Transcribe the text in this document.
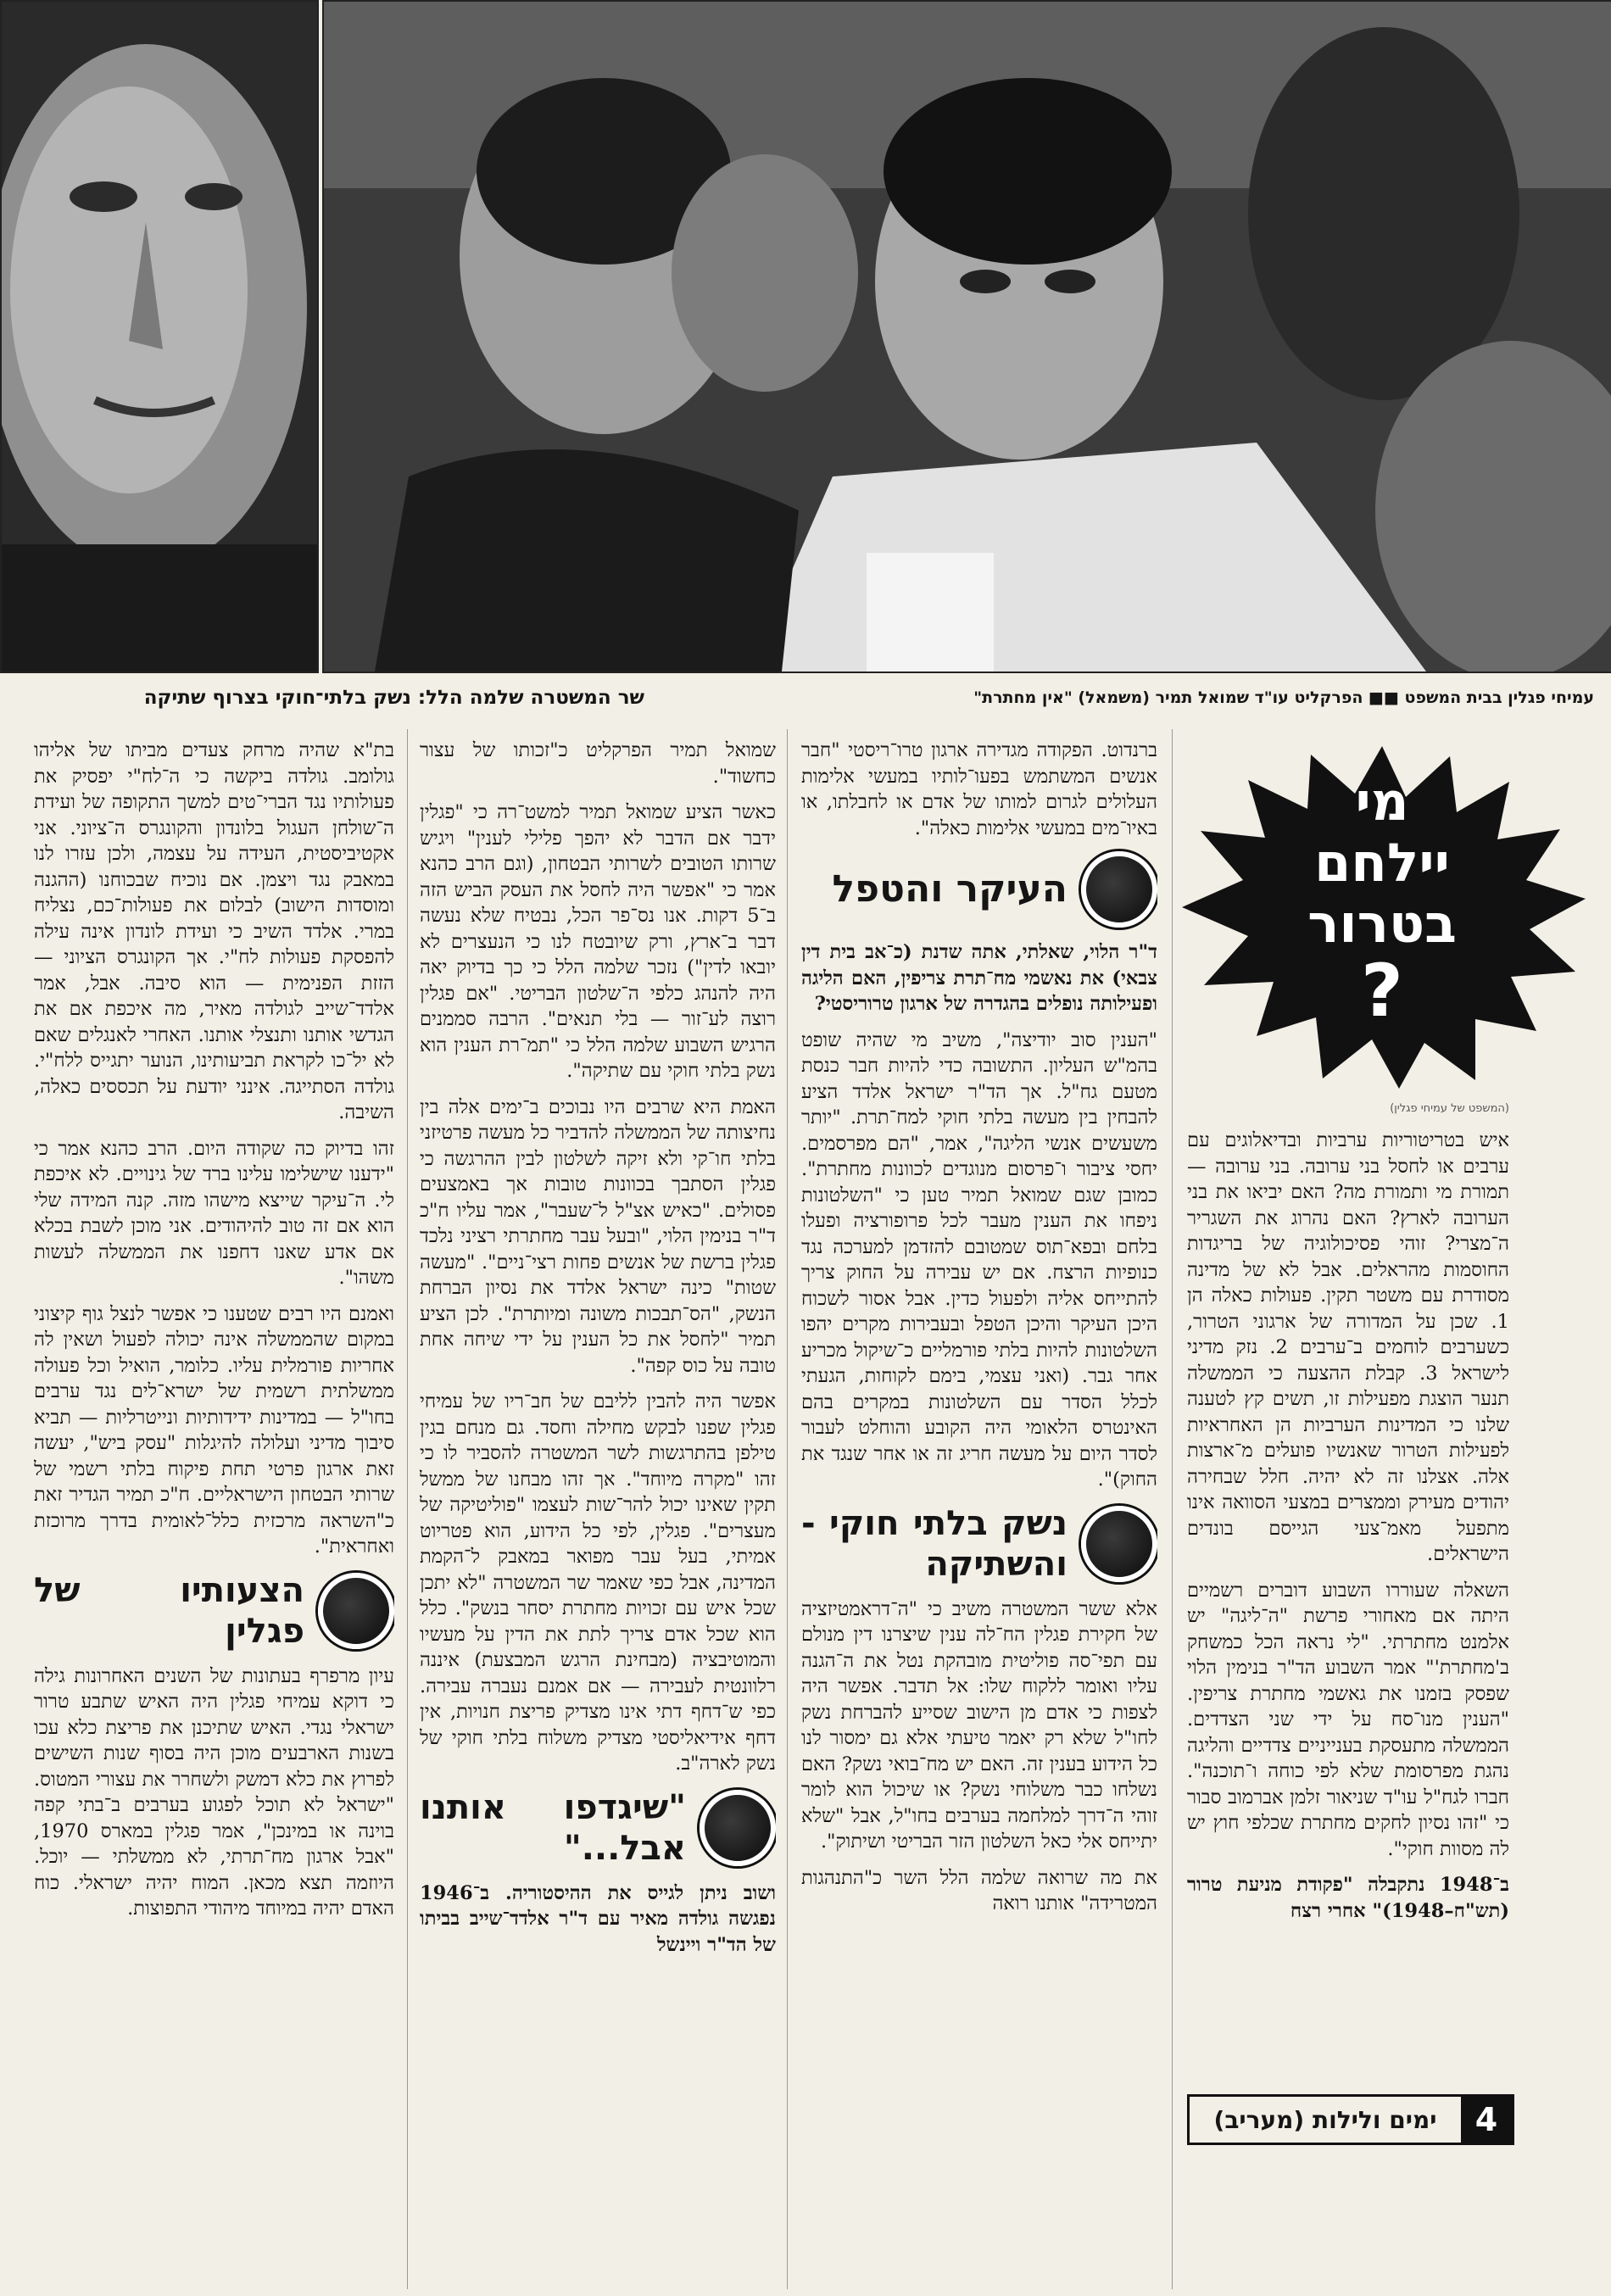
עמיחי פגלין בבית המשפט ■■ הפרקליט עו"ד שמואל תמיר (משמאל) "אין מחתרת"
שר המשטרה שלמה הלל: נשק בלתי־חוקי בצרוף שתיקה
מי
יילחם
בטרור
?
(המשפט של עמיחי פגלין)

איש בטריטוריות ערביות ובדיאלוגים עם ערבים או לחסל בני ערובה. בני ערובה — תמורת מי ותמורת מה? האם יביאו את בני הערובה לארץ? האם נהרוג את השגריר ה־מצרי? זוהי פסיכולוגיה של בריגדות החוסמות מהראלים. אבל לא של מדינה מסודרת עם משטר תקין. פעולות כאלה הן 1. שכן על המדורה של ארגוני הטרור, כשערבים לוחמים ב־ערבים 2. נזק מדיני לישראל 3. קבלת ההצעה כי הממשלה תנער הוצגת מפעילות זו, תשים קץ לטענה שלנו כי המדינות הערביות הן האחראיות לפעילות הטרור שאנשיו פועלים מ־ארצות אלה. אצלנו זה לא יהיה. חלל שבחירה יהודים מעירק וממצרים במצעי הסוואה אינו מתפעל מאמ־צעי הגייסם בונדים הישראלים.

השאלה שעוררו השבוע דוברים רשמיים היתה אם מאחורי פרשת "ה־ליגה" יש אלמנט מחתרתי. "לי נראה הכל כמשחק ב'מחתרת'" אמר השבוע הד"ר בנימין הלוי שפסק בזמנו את גאשמי מחתרת צריפין. "הענין מנו־סח על ידי שני הצדדים. הממשלה מתעסקת בענייניים צדדיים והליגה נהגת מפרסומת שלא לפי כוחה ו־תוכנה". חברו לגח"ל עו"ד שניאור זלמן אברמוב סבור כי "זהו נסיון לחקים מחתרת שכלפי חוץ יש לה מסוות חוקי".

ב־1948 נתקבלה "פקודת מניעת טרור (תש"ח–1948)" אחרי רצח

4
ימים ולילות (מעריב)

ברנדוט. הפקודה מגדירה ארגון טרו־ריסטי "חבר אנשים המשתמש בפעו־לותיו במעשי אלימות העלולים לגרום למותו של אדם או לחבלתו, או באיו־מים במעשי אלימות כאלה".

העיקר והטפל

ד"ר הלוי, שאלתי, אתה שדנת (כ־אב בית דין צבאי) את נאשמי מח־תרת צריפין, האם הליגה ופעילותה נופלים בהגדרה של ארגון טרוריסטי?

"הענין סוב יודיצה", משיב מי שהיה שופט בהמ"ש העליון. התשובה כדי להיות חבר כנסת מטעם גח"ל. אך הד"ר ישראל אלדד הציע להבחין בין מעשה בלתי חוקי למח־תרת. "יותר משעשים אנשי הליגה", אמר, "הם מפרסמים. יחסי ציבור ו־פרסום מנוגדים לכוונות מחתרת". כמובן שגם שמואל תמיר טען כי "השלטונות ניפחו את הענין מעבר לכל פרופורציה ופעלו בלחם ובפא־תוס שמטובם להזדמן למערכה נגד כנופיות הרצח. אם יש עבירה על החוק צריך להתייחס אליה ולפעול כדין. אבל אסור לשכוח היכן העיקר והיכן הטפל ובעבירות מקרים יהפו השלטונות להיות בלתי פורמליים כ־שיקול מכריע אחר גבר. (ואני עצמי, בימם לקוחות, הגעתי לכלל הסדר עם השלטונות במקרים בהם האינטרס הלאומי היה הקובע והוחלט לעבור לסדר היום על מעשה חריג זה או אחר שנגד את החוק)".

נשק בלתי חוקי - והשתיקה

אלא ששר המשטרה משיב כי "ה־דראמטיזציה של חקירת פגלין הח־לה ענין שיצרנו דין מנולם עם תפי־סה פוליטית מובהקת נטל את ה־הגנה עליו ואומר ללקוח שלו: אל תדבר. אפשר היה לצפות כי אדם מן הישוב שסייע להברחת נשק לחו"ל שלא רק יאמר טיעתי אלא גם ימסור לנו כל הידוע בענין זה. האם יש מח־בואי נשק? האם נשלחו כבר משלוחי נשק? או שיכול הוא לומר זוהי ה־דרך למלחמה בערבים בחו"ל, אבל "שלא יתייחס אלי כאל השלטון הזר הבריטי ושיתוק".

את מה שרואה שלמה הלל השר כ"התנהגות המטרידה" אותנו רואה

שמואל תמיר הפרקליט כ"זכותו של עצור כחשוד".

כאשר הציע שמואל תמיר למשט־רה כי "פגלין ידבר אם הדבר לא יהפך פלילי לענין" ויגיש שרותו הטובים לשרותי הבטחון, (וגם הרב כהנא אמר כי "אפשר היה לחסל את העסק הביש הזה ב־5 דקות. אנו נס־פר הכל, נבטיח שלא נעשה דבר ב־ארץ, ורק שיובטח לנו כי הנעצרים לא יובאו לדין") נזכר שלמה הלל כי כך בדיוק יאה היה להנהג כלפי ה־שלטון הבריטי. "אם פגלין רוצה לע־זור — בלי תנאים". הרבה סממנים הרגיש השבוע שלמה הלל כי "תמ־רת הענין הוא נשק בלתי חוקי עם שתיקה".

האמת היא שרבים היו נבוכים ב־ימים אלה בין נחיצותה של הממשלה להדביר כל מעשה פרטיזני בלתי חו־קי ולא זיקה לשלטון לבין ההרגשה כי פגלין הסתבך בכוונות טובות אך באמצעים פסולים. "כאיש אצ"ל ל־שעבר", אמר עליו ח"כ ד"ר בנימין הלוי, "ובעל עבר מחתרתי רציני נלכד פגלין ברשת של אנשים פחות רצי־ניים". "מעשה שטות" כינה ישראל אלדד את נסיון הברחת הנשק, "הס־תבכות משונה ומיותרת". לכן הציע תמיר "לחסל את כל הענין על ידי שיחה אחת טובה על כוס קפה".

אפשר היה להבין לליבם של חב־ריו של עמיחי פגלין שפנו לבקש מחילה וחסד. גם מנחם בגין טילפן בהתרגשות לשר המשטרה להסביר לו כי זהו "מקרה מיוחד". אך זהו מבחנו של ממשל תקין שאינו יכול להר־שות לעצמו "פוליטיקה של מעצרים". פגלין, לפי כל הידוע, הוא פטריוט אמיתי, בעל עבר מפואר במאבק ל־הקמת המדינה, אבל כפי שאמר שר המשטרה "לא יתכן שכל איש עם זכויות מחתרת יסחר בנשק". כלל הוא שכל אדם צריך לתת את הדין על מעשיו והמוטיבציה (מבחינת הרגש המבצעת) איננה רלוונטית לעבירה — אם אמנם נעברה עבירה. כפי ש־דחף דתי אינו מצדיק פריצת חנויות, אין דחף אידיאליסטי מצדיק משלוח בלתי חוקי של נשק לארה"ב.

"שיגדפו אותנו אבל..."

ושוב ניתן לגייס את ההיסטוריה. ב־1946 נפגשה גולדה מאיר עם ד"ר אלדד־שייב בביתו של הד"ר ויינשל

בת"א שהיה מרחק צעדים מביתו של אליהו גולומב. גולדה ביקשה כי ה־לח"י יפסיק את פעולותיו נגד הברי־טים למשך התקופה של ועידת ה־שולחן העגול בלונדון והקונגרס ה־ציוני. אני אקטיביסטית, העידה על עצמה, ולכן עזרו לנו במאבק נגד ויצמן. אם נוכיח שבכוחנו (ההגנה ומוסדות הישוב) לבלום את פעולות־כם, נצליח במרי. אלדד השיב כי ועידת לונדון אינה עילה להפסקת פעולות לח"י. אך הקונגרס הציוני — הזזת הפנימית — הוא סיבה. אבל, אמר אלדד־שייב לגולדה מאיר, מה איכפת אם את הגדשי אותנו ותנצלי אותנו. האחרי לאנגלים שאם לא יל־כו לקראת תביעותינו, הנוער יתגייס ללח"י. גולדה הסתייגה. אינני יודעת על תכססים כאלה, השיבה.

זהו בדיוק כה שקודה היום. הרב כהנא אמר כי "ידענו שישלימו עלינו ברד של גינויים. לא איכפת לי. ה־עיקר שייצא מישהו מזה. קנה המידה שלי הוא אם זה טוב להיהודים. אני מוכן לשבת בכלא אם אדע שאנו דחפנו את הממשלה לעשות משהו".

ואמנם היו רבים שטענו כי אפשר לנצל גוף קיצוני במקום שהממשלה אינה יכולה לפעול ושאין לה אחריות פורמלית עליו. כלומר, הואיל וכל פעולה ממשלתית רשמית של ישרא־לים נגד ערבים בחו"ל — במדינות ידידותיות ונייטרליות — תביא סיבוך מדיני ועלולה להיגלות "עסק ביש", יעשה זאת ארגון פרטי תחת פיקוח בלתי רשמי של שרותי הבטחון הישראליים. ח"כ תמיר הגדיר זאת כ"השראה מרכזית כלל־לאומית בדרך מרוכזת ואחראית".

הצעותיו של פגלין

עיון מרפרף בעתונות של השנים האחרונות גילה כי דוקא עמיחי פגלין היה האיש שתבע טרור ישראלי נגדי. האיש שתיכנן את פריצת כלא עכו בשנות הארבעים מוכן היה בסוף שנות השישים לפרוץ את כלא דמשק ולשחרר את עצורי המטוס. "ישראל לא תוכל לפגוע בערבים ב־בתי קפה בוינה או במינכן", אמר פגלין במארס 1970, "אבל ארגון מח־תרתי, לא ממשלתי — יוכל. היוזמה תצא מכאן. המוח יהיה ישראלי. כוח האדם יהיה במיוחד מיהודי התפוצות.
